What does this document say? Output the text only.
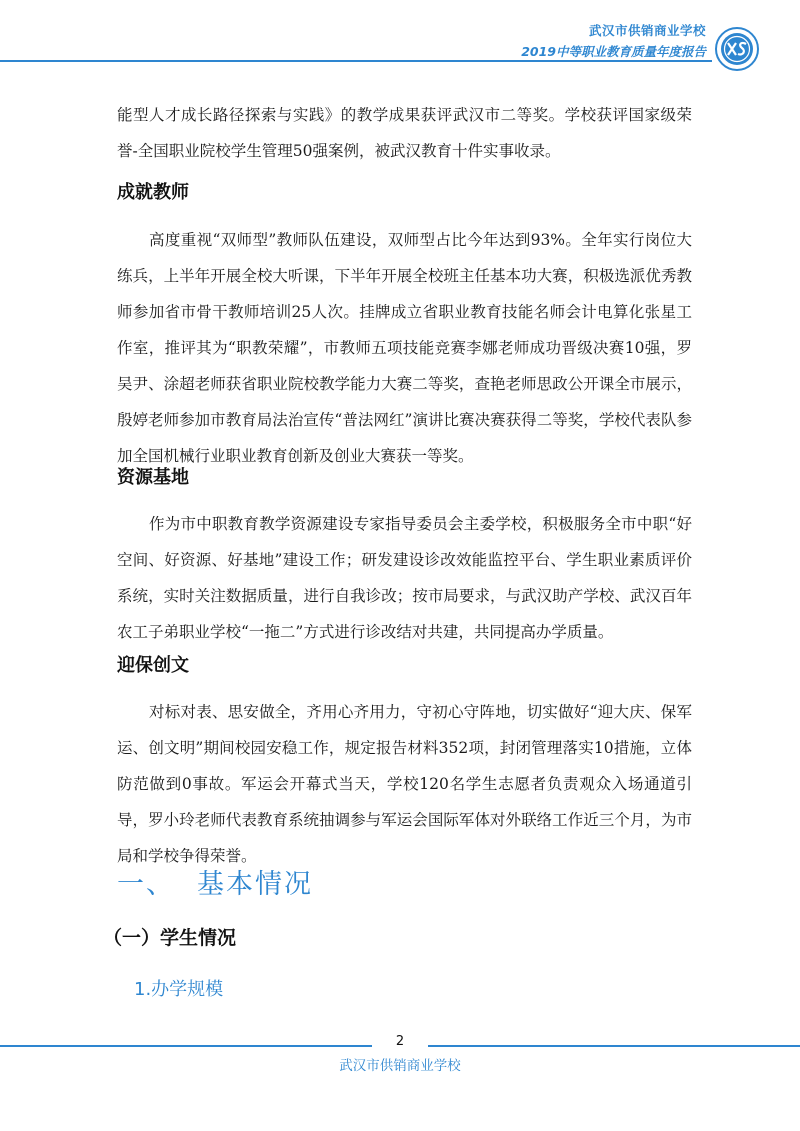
武汉市供销商业学校
2019中等职业教育质量年度报告

能型人才成长路径探索与实践》的教学成果获评武汉市二等奖。学校获评国家级荣誉-全国职业院校学生管理50强案例，被武汉教育十件实事收录。

成就教师

高度重视“双师型”教师队伍建设，双师型占比今年达到93%。全年实行岗位大练兵，上半年开展全校大听课，下半年开展全校班主任基本功大赛，积极选派优秀教师参加省市骨干教师培训25人次。挂牌成立省职业教育技能名师会计电算化张星工作室，推评其为“职教荣耀”，市教师五项技能竞赛李娜老师成功晋级决赛10强，罗吴尹、涂超老师获省职业院校教学能力大赛二等奖，查艳老师思政公开课全市展示，殷婷老师参加市教育局法治宣传“普法网红”演讲比赛决赛获得二等奖，学校代表队参加全国机械行业职业教育创新及创业大赛获一等奖。

资源基地

作为市中职教育教学资源建设专家指导委员会主委学校，积极服务全市中职“好空间、好资源、好基地”建设工作；研发建设诊改效能监控平台、学生职业素质评价系统，实时关注数据质量，进行自我诊改；按市局要求，与武汉助产学校、武汉百年农工子弟职业学校“一拖二”方式进行诊改结对共建，共同提高办学质量。

迎保创文

对标对表、思安做全，齐用心齐用力，守初心守阵地，切实做好“迎大庆、保军运、创文明”期间校园安稳工作，规定报告材料352项，封闭管理落实10措施，立体防范做到0事故。军运会开幕式当天，学校120名学生志愿者负责观众入场通道引导，罗小玲老师代表教育系统抽调参与军运会国际军体对外联络工作近三个月，为市局和学校争得荣誉。

一、 基本情况
（一）学生情况
1.办学规模
2
武汉市供销商业学校
